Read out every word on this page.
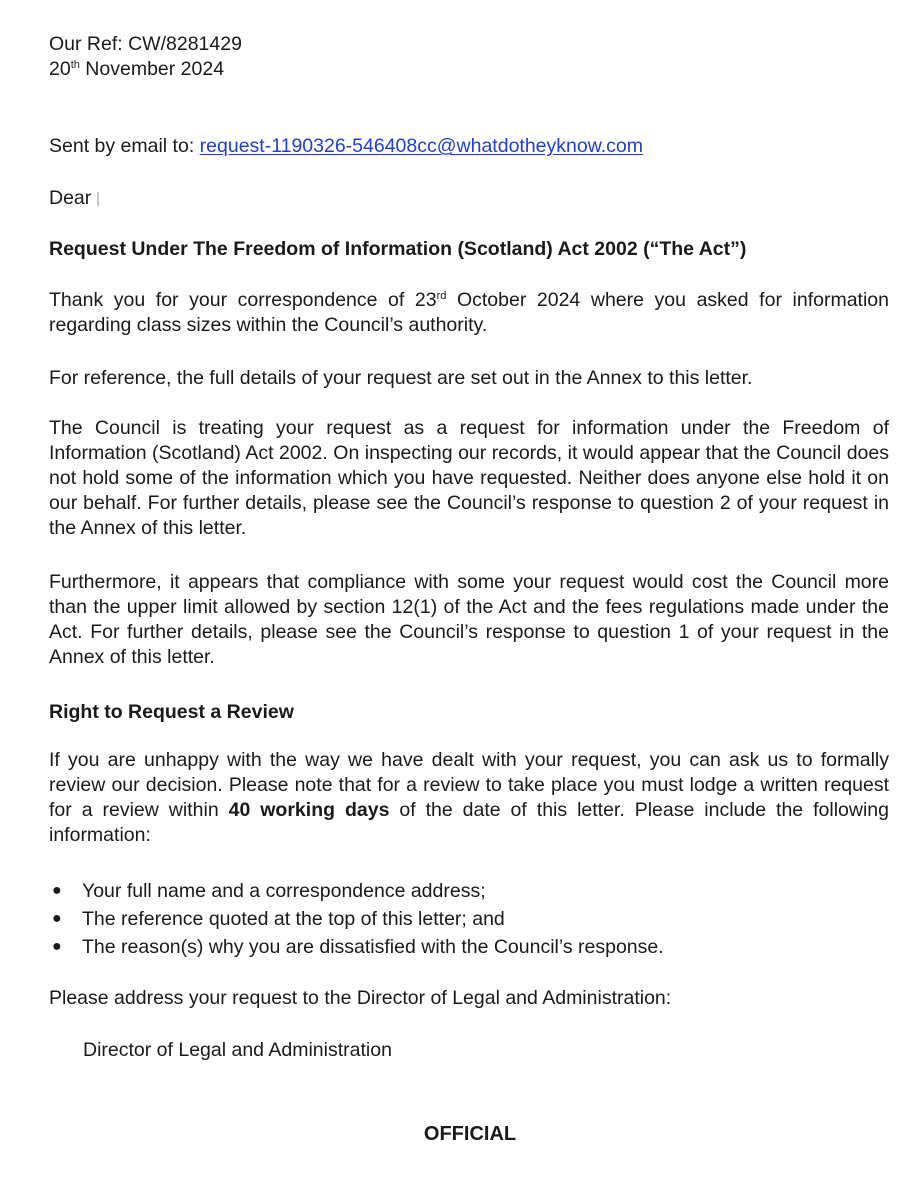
Our Ref: CW/8281429
20th November 2024
Sent by email to: request-1190326-546408cc@whatdotheyknow.com
Dear
Request Under The Freedom of Information (Scotland) Act 2002 (“The Act”)

Thank you for your correspondence of 23rd October 2024 where you asked for information regarding class sizes within the Council’s authority.

For reference, the full details of your request are set out in the Annex to this letter.

The Council is treating your request as a request for information under the Freedom of Information (Scotland) Act 2002. On inspecting our records, it would appear that the Council does not hold some of the information which you have requested. Neither does anyone else hold it on our behalf. For further details, please see the Council’s response to question 2 of your request in the Annex of this letter.

Furthermore, it appears that compliance with some your request would cost the Council more than the upper limit allowed by section 12(1) of the Act and the fees regulations made under the Act. For further details, please see the Council’s response to question 1 of your request in the Annex of this letter.

Right to Request a Review

If you are unhappy with the way we have dealt with your request, you can ask us to formally review our decision. Please note that for a review to take place you must lodge a written request for a review within 40 working days of the date of this letter. Please include the following information:

● Your full name and a correspondence address;
● The reference quoted at the top of this letter; and
● The reason(s) why you are dissatisfied with the Council’s response.

Please address your request to the Director of Legal and Administration:

Director of Legal and Administration
OFFICIAL
